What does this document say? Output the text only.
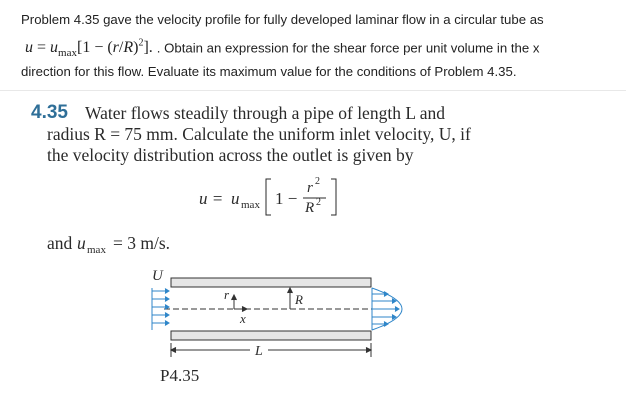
Problem 4.35 gave the velocity profile for fully developed laminar flow in a circular tube as
$u = u_{max}[1 - (r/R)^2]$. . Obtain an expression for the shear force per unit volume in the x
direction for this flow. Evaluate its maximum value for the conditions of Problem 4.35.
4.35 Water flows steadily through a pipe of length L and
radius R = 75 mm. Calculate the uniform inlet velocity, U, if
the velocity distribution across the outlet is given by
u = u max 1 −
r 2
R 2
and u max = 3 m/s.
U
r
x
R
L
P4.35
